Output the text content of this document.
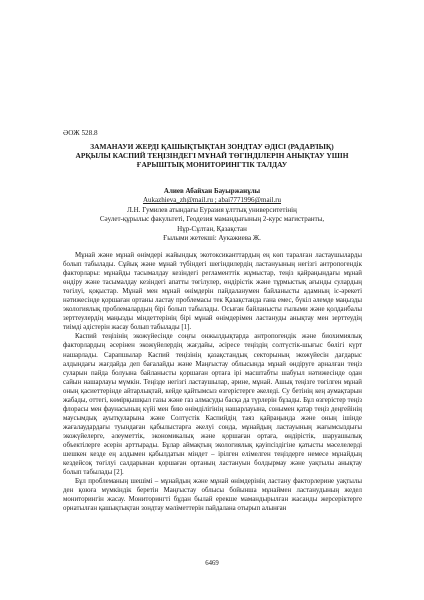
ӘОЖ 528.8
ЗАМАНАУИ ЖЕРДІ ҚАШЫҚТЫҚТАН ЗОНДТАУ ӘДІСІ (РАДАРЛЫҚ)
АРҚЫЛЫ КАСПИЙ ТЕҢІЗІНДЕГІ МҰНАЙ ТӨГІНДІЛЕРІН АНЫҚТАУ ҮШІН
ҒАРЫШТЫҚ МОНИТОРИНГТІК ТАЛДАУ
Алиев Абайхан Бауыржанұлы
Aukazhieva_zh@mail.ru ; abai7771996@mail.ru
Л.Н. Гумилев атындағы Еуразия ұлттық университетінің
Сәулет-құрылыс факультеті, Геодезия мамандығының 2-курс магистранты,
Нұр-Сұлтан, Қазақстан
Ғылыми жетекші: Аукажиева Ж.

Мұнай және мұнай өнімдері жайындық экотоксиканттардың ең көп таралған ластаушыларды болып табылады. Сұйық және мұнай түбіндегі шегіндилердің ластануының негізгі антропогендік факторлары: мұнайды тасымалдау кезіндегі регламенттік жұмыстар, теңіз қайраңындағы мұнай өндіру және тасымалдау кезіндегі апатты төгілулер, өндірістік және тұрмыстық ағынды сулардың төгілуі, қоқыстар. Мұнай мен мұнай өнімдерін пайдаланумен байланысты адамның іс-әрекеті нәтижесінде қоршаған ортаны ластау проблемасы тек Қазақстанда ғана емес, бүкіл әлемде маңызды экологиялық проблемалардың бірі болып табылады. Осыған байланысты ғылыми және қолданбалы зерттеулердің маңызды міндеттерінің бірі мұнай өнімдерімен ластануды анықтау мен зерттеудің тиімді әдістерін жасау болып табылады [1].

Каспий теңізінің экожүйесінде соңғы онжылдықтарда антропогендік және биохимиялық факторлардың әсерінен экожүйелердің жағдайы, әсіресе теңіздің солтүстік-шығыс бөлігі күрт нашарлады. Сарапшылар Каспий теңізінің қазақстандық секторының экожүйесін дағдарыс алдындағы жағдайда деп бағалайды және Маңғыстау облысында мұнай өндіруге арналған теңіз суларын пайда болуына байланысты қоршаған ортаға ірі масштабты шабуыл нәтижесінде одан сайын нашарлауы мүмкін. Теңізде негізгі ластаушылар, әрине, мұнай. Ашық теңізге төгілген мұнай оның қасиеттерінде айтарлықтай, кейде қайтымсыз өзгерістерге әкеледі. Су бетінің кең аумақтарын жабады, оттегі, көмірқышқыл газы және газ алмасуды басқа да түрлерін бұзады. Бұл өзгерістер теңіз флорасы мен фаунасының күйі мен бию өнімділігінің нашарлауына, сонымен қатар теңіз деңгейінің маусымдық ауытқуларына және Солтүстік Каспийдің таяз қайраңында және оның ішінде жағалаудардағы туындаған қабылыстарға әкелуі сонда, мұнайдың ластауының жағымсыздығы экожүйелерге, әлеуметтік, экономикалық және қоршаған ортаға, өндірістік, шаруашылық объектілерге әсерін арттырады. Бұлар аймақтың экологиялық қауіпсіздігіне қатысты мәселелерді шешкен кезде ең алдымен қабылдатын міндет – ірілген елімелген теңіздерге немесе мұнайдың кездейсоқ төгілуі салдарынан қоршаған ортаның ластануын болдырмау және уақтылы анықтау болып табылады [2].

Бұл проблеманың шешімі – мұнайдың және мұнай өнімдерінің ластану факторлерине уақтылы ден қоюға мүмкіндік беретін Маңғыстау облысы бойынша мұнаймен ластанудының жедел мониторингін жасау. Мониторингті бұдан былай ерекше мамандырылған жасанды жерсеріктерге орнатылған қашықтықтан зондтау мәліметтерін пайдалана отырып алынған

6469
